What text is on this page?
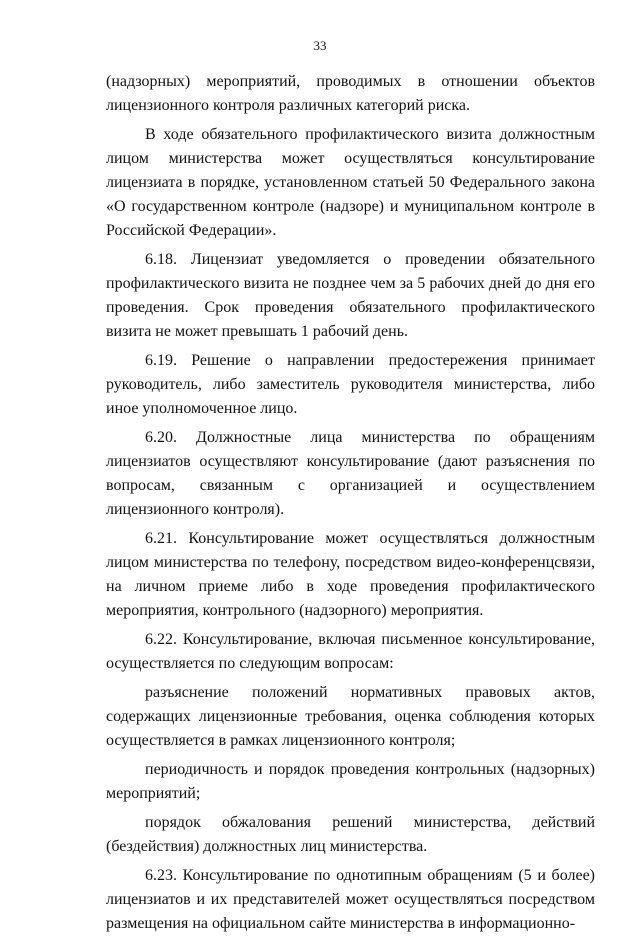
33

(надзорных) мероприятий, проводимых в отношении объектов лицензионного контроля различных категорий риска.

В ходе обязательного профилактического визита должностным лицом министерства может осуществляться консультирование лицензиата в порядке, установленном статьей 50 Федерального закона «О государственном контроле (надзоре) и муниципальном контроле в Российской Федерации».

6.18. Лицензиат уведомляется о проведении обязательного профилактического визита не позднее чем за 5 рабочих дней до дня его проведения. Срок проведения обязательного профилактического визита не может превышать 1 рабочий день.

6.19. Решение о направлении предостережения принимает руководитель, либо заместитель руководителя министерства, либо иное уполномоченное лицо.

6.20. Должностные лица министерства по обращениям лицензиатов осуществляют консультирование (дают разъяснения по вопросам, связанным с организацией и осуществлением лицензионного контроля).

6.21. Консультирование может осуществляться должностным лицом министерства по телефону, посредством видео-конференцсвязи, на личном приеме либо в ходе проведения профилактического мероприятия, контрольного (надзорного) мероприятия.

6.22. Консультирование, включая письменное консультирование, осуществляется по следующим вопросам:

разъяснение положений нормативных правовых актов, содержащих лицензионные требования, оценка соблюдения которых осуществляется в рамках лицензионного контроля;

периодичность и порядок проведения контрольных (надзорных) мероприятий;

порядок обжалования решений министерства, действий (бездействия) должностных лиц министерства.

6.23. Консультирование по однотипным обращениям (5 и более) лицензиатов и их представителей может осуществляться посредством размещения на официальном сайте министерства в информационно-
